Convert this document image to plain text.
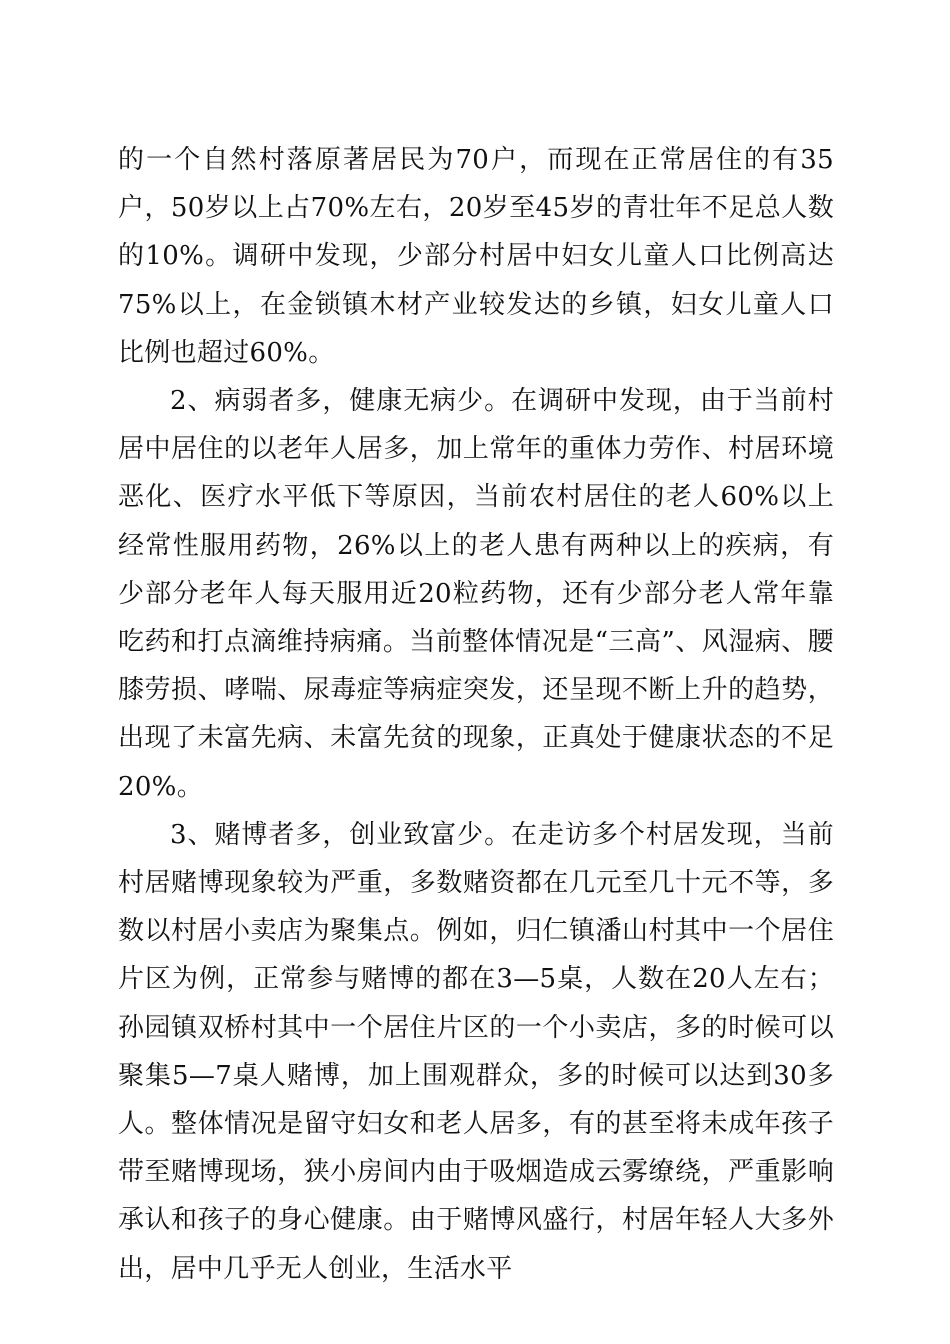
的一个自然村落原著居民为70户，而现在正常居住的有35户，50岁以上占70%左右，20岁至45岁的青壮年不足总人数的10%。调研中发现，少部分村居中妇女儿童人口比例高达75%以上，在金锁镇木材产业较发达的乡镇，妇女儿童人口比例也超过60%。

2、病弱者多，健康无病少。在调研中发现，由于当前村居中居住的以老年人居多，加上常年的重体力劳作、村居环境恶化、医疗水平低下等原因，当前农村居住的老人60%以上经常性服用药物，26%以上的老人患有两种以上的疾病，有少部分老年人每天服用近20粒药物，还有少部分老人常年靠吃药和打点滴维持病痛。当前整体情况是“三高”、风湿病、腰膝劳损、哮喘、尿毒症等病症突发，还呈现不断上升的趋势，出现了未富先病、未富先贫的现象，正真处于健康状态的不足20%。

3、赌博者多，创业致富少。在走访多个村居发现，当前村居赌博现象较为严重，多数赌资都在几元至几十元不等，多数以村居小卖店为聚集点。例如，归仁镇潘山村其中一个居住片区为例，正常参与赌博的都在3—5桌，人数在20人左右；孙园镇双桥村其中一个居住片区的一个小卖店，多的时候可以聚集5—7桌人赌博，加上围观群众，多的时候可以达到30多人。整体情况是留守妇女和老人居多，有的甚至将未成年孩子带至赌博现场，狭小房间内由于吸烟造成云雾缭绕，严重影响承认和孩子的身心健康。由于赌博风盛行，村居年轻人大多外出，居中几乎无人创业，生活水平
